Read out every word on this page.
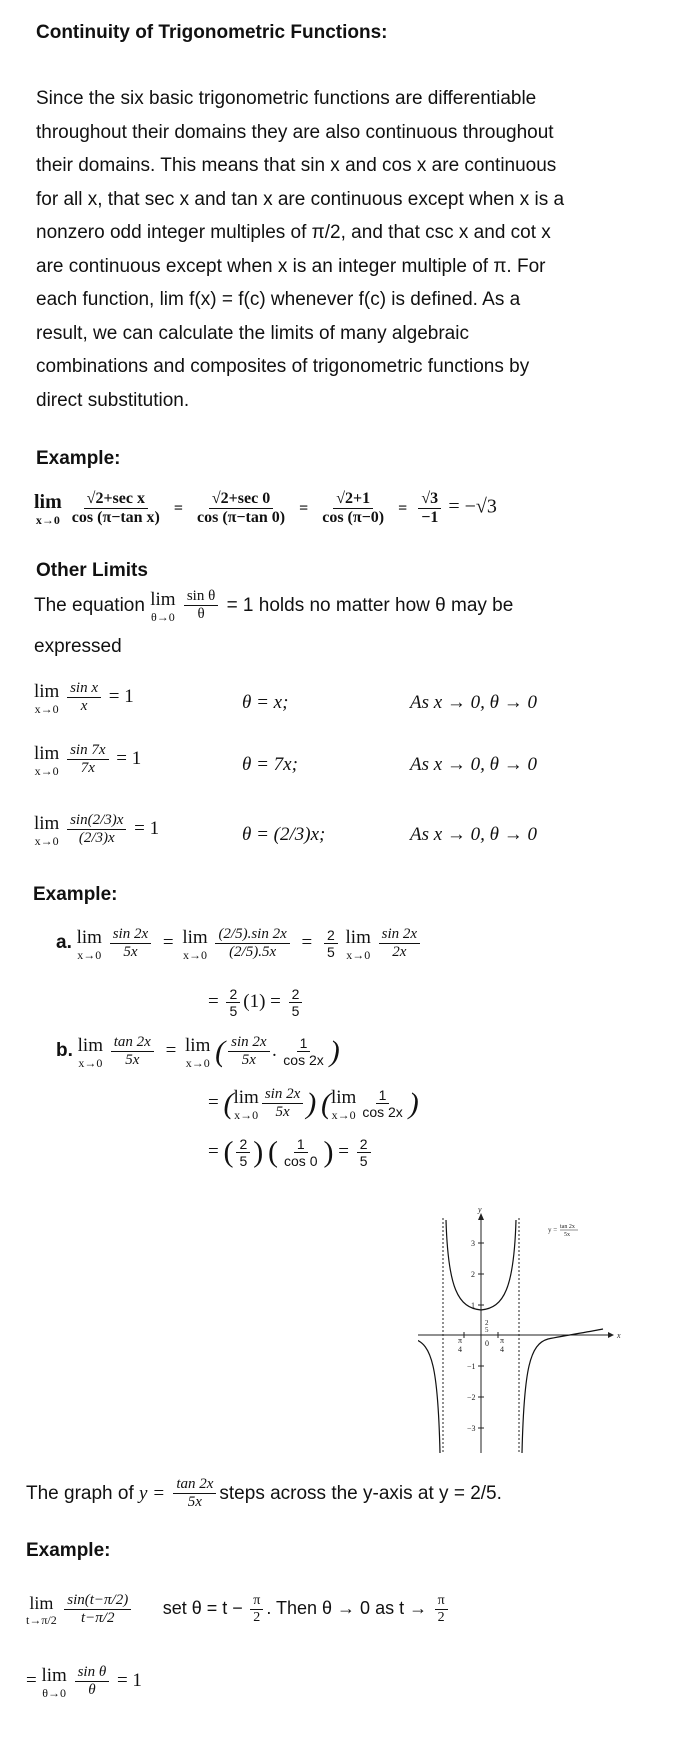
Continuity of Trigonometric Functions:
Since the six basic trigonometric functions are differentiable
throughout their domains they are also continuous throughout
their domains. This means that sin x and cos x are continuous
for all x, that sec x and tan x are continuous except when x is a
nonzero odd integer multiples of π/2, and that csc x and cot x
are continuous except when x is an integer multiple of π. For
each function, lim f(x) = f(c) whenever f(c) is defined. As a
result, we can calculate the limits of many algebraic
combinations and composites of trigonometric functions by
direct substitution.
Example:
lim
x→0
$\frac{\text{√2+sec x}}{\text{cos (π−tan x)}} = \frac{√2+\sec 0}{\cos (\pi-\tan 0)} = \frac{√2+1}{\cos (\pi-0)} = \frac{√3}{-1} = -√3$
Other Limits
The equation lim
θ→0
$\frac{\text{sin θ}}{\theta} = 1$ holds no matter how θ may be
expressed
lim
x→0
$\frac{\text{sin x}}{x} = 1$	θ = x;	As x → 0, θ → 0
lim
x→0
$\frac{\sin 7x}{7x} = 1$	θ = 7x;	As x → 0, θ → 0
lim
x→0
$\frac{\sin(2/3)x}{(2/3)x} = 1$	θ = (2/3)x;	As x → 0, θ → 0
Example:
a. lim
x→0
$\frac{\sin 2x}{5x} = \lim$
x→0
$\frac{(2/5).\sin 2x}{(2/5).5x} = \frac{2}{5}$
lim
x→0
$\frac{\sin 2x}{2x}$
= $\frac{2}{5} (1) = \frac{2}{5}$
b. lim
x→0
$\frac{\tan 2x}{5x} = \lim$
x→0 ( $\frac{\sin 2x}{5x}$ . $\frac{1}{\cos 2x}$ )
= ( lim
$x\to 0 \frac{\sin 2x}{5x}$ ) ( lim
$x\to 0 \frac{1}{\cos 2x}$ )
= ( $\frac{2}{5}$ ) ( $\frac{1}{\cos 0}$ ) = $\frac{2}{5}$
x
y
3
2
1
−1
−2
−3
0
π
4
π
4
2
5
y = tan 2x
5x
The graph of $y = \frac{\tan 2x}{5x}$ steps across the y-axis at y = 2/5.
Example:
lim
t→π/2
$\frac{\sin(t-\pi/2)}{t-\pi/2}$ set $\theta = t - \frac{\pi}{2}$ . Then θ → 0 as $t \to \frac{\pi}{2}$
= lim
θ→0
$\frac{\text{sin θ}}{\theta} = 1$
